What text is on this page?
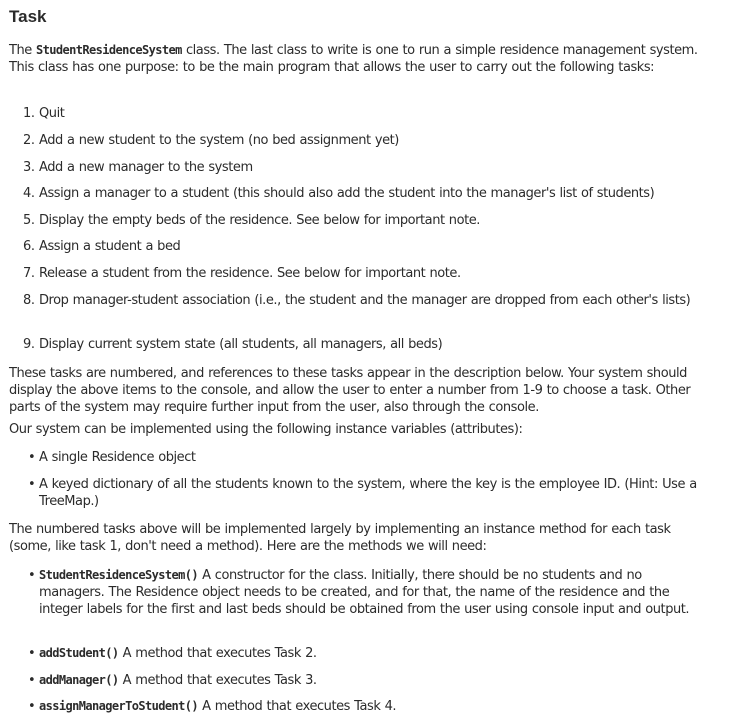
Task
The StudentResidenceSystem class. The last class to write is one to run a simple residence management system. This class has one purpose: to be the main program that allows the user to carry out the following tasks:
1. Quit
2. Add a new student to the system (no bed assignment yet)
3. Add a new manager to the system
4. Assign a manager to a student (this should also add the student into the manager's list of students)
5. Display the empty beds of the residence. See below for important note.
6. Assign a student a bed
7. Release a student from the residence. See below for important note.
8. Drop manager-student association (i.e., the student and the manager are dropped from each other's lists)
9. Display current system state (all students, all managers, all beds)
These tasks are numbered, and references to these tasks appear in the description below. Your system should display the above items to the console, and allow the user to enter a number from 1-9 to choose a task. Other parts of the system may require further input from the user, also through the console.
Our system can be implemented using the following instance variables (attributes):
• A single Residence object
• A keyed dictionary of all the students known to the system, where the key is the employee ID. (Hint: Use a TreeMap.)
The numbered tasks above will be implemented largely by implementing an instance method for each task (some, like task 1, don't need a method). Here are the methods we will need:
• StudentResidenceSystem() A constructor for the class. Initially, there should be no students and no managers. The Residence object needs to be created, and for that, the name of the residence and the integer labels for the first and last beds should be obtained from the user using console input and output.
• addStudent() A method that executes Task 2.
• addManager() A method that executes Task 3.
• assignManagerToStudent() A method that executes Task 4.
